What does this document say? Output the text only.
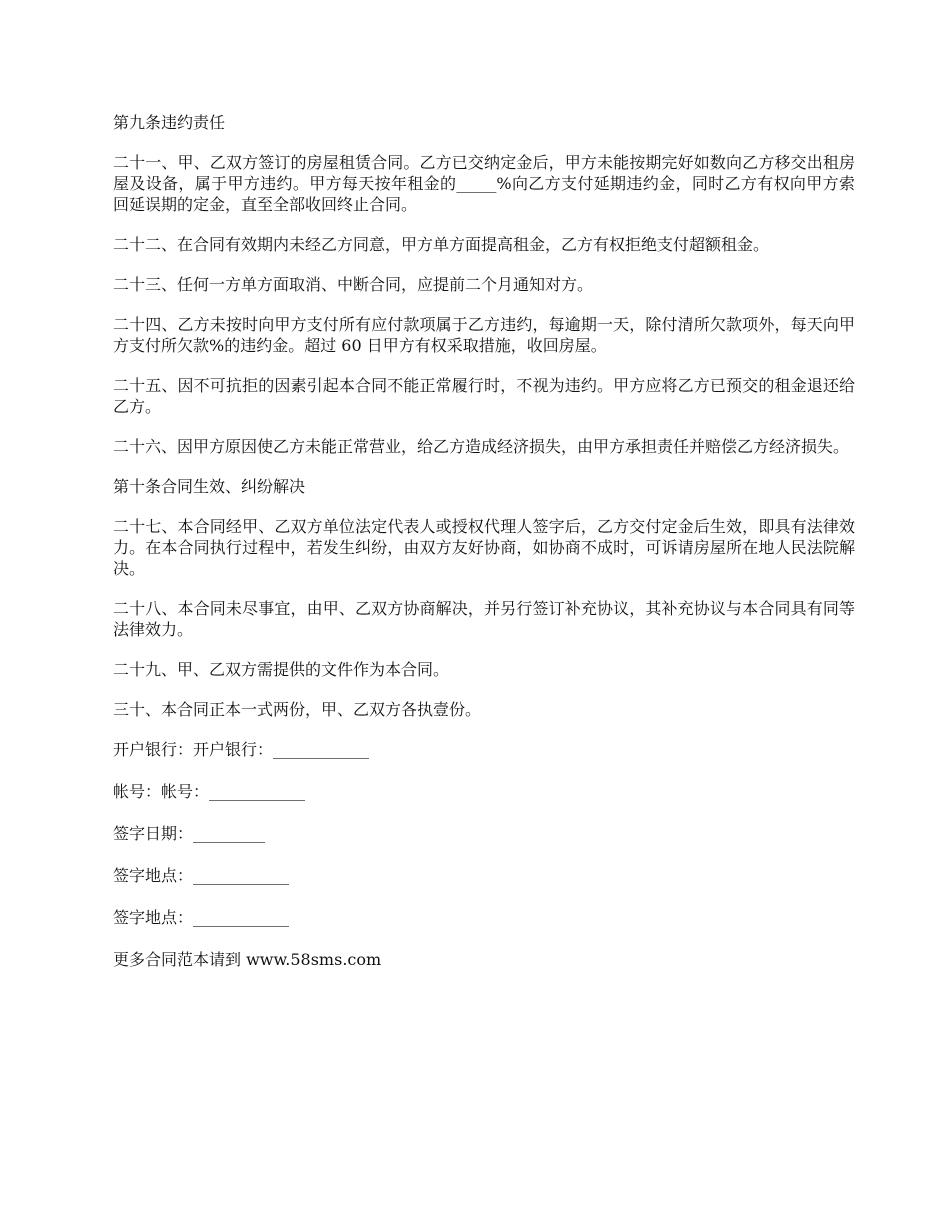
第九条违约责任

二十一、甲、乙双方签订的房屋租赁合同。乙方已交纳定金后，甲方未能按期完好如数向乙方移交出租房屋及设备，属于甲方违约。甲方每天按年租金的_____%向乙方支付延期违约金，同时乙方有权向甲方索回延误期的定金，直至全部收回终止合同。

二十二、在合同有效期内未经乙方同意，甲方单方面提高租金，乙方有权拒绝支付超额租金。

二十三、任何一方单方面取消、中断合同，应提前二个月通知对方。

二十四、乙方未按时向甲方支付所有应付款项属于乙方违约，每逾期一天，除付清所欠款项外，每天向甲方支付所欠款%的违约金。超过 60 日甲方有权采取措施，收回房屋。

二十五、因不可抗拒的因素引起本合同不能正常履行时，不视为违约。甲方应将乙方已预交的租金退还给乙方。

二十六、因甲方原因使乙方未能正常营业，给乙方造成经济损失，由甲方承担责任并赔偿乙方经济损失。

第十条合同生效、纠纷解决

二十七、本合同经甲、乙双方单位法定代表人或授权代理人签字后，乙方交付定金后生效，即具有法律效力。在本合同执行过程中，若发生纠纷，由双方友好协商，如协商不成时，可诉请房屋所在地人民法院解决。

二十八、本合同未尽事宜，由甲、乙双方协商解决，并另行签订补充协议，其补充协议与本合同具有同等法律效力。

二十九、甲、乙双方需提供的文件作为本合同。

三十、本合同正本一式两份，甲、乙双方各执壹份。

开户银行：开户银行：____________

帐号：帐号：____________

签字日期：_________

签字地点：____________

签字地点：____________

更多合同范本请到 www.58sms.com
